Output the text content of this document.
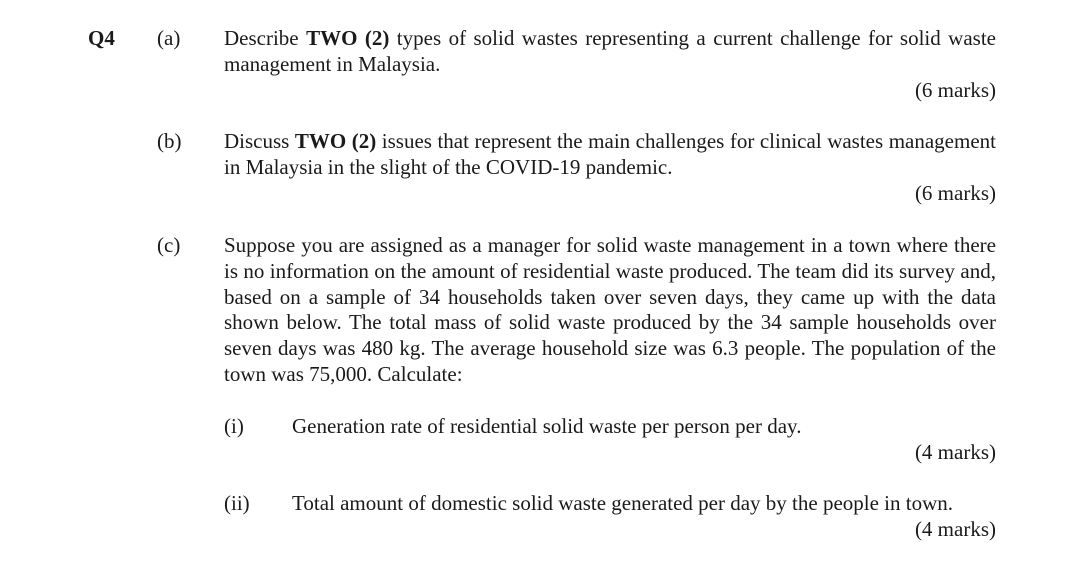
Q4 (a) Describe TWO (2) types of solid wastes representing a current challenge for solid waste management in Malaysia.
(6 marks)
(b) Discuss TWO (2) issues that represent the main challenges for clinical wastes management in Malaysia in the slight of the COVID-19 pandemic.
(6 marks)
(c) Suppose you are assigned as a manager for solid waste management in a town where there is no information on the amount of residential waste produced. The team did its survey and, based on a sample of 34 households taken over seven days, they came up with the data shown below. The total mass of solid waste produced by the 34 sample households over seven days was 480 kg. The average household size was 6.3 people. The population of the town was 75,000. Calculate:
(i) Generation rate of residential solid waste per person per day.
(4 marks)
(ii) Total amount of domestic solid waste generated per day by the people in town.
(4 marks)
